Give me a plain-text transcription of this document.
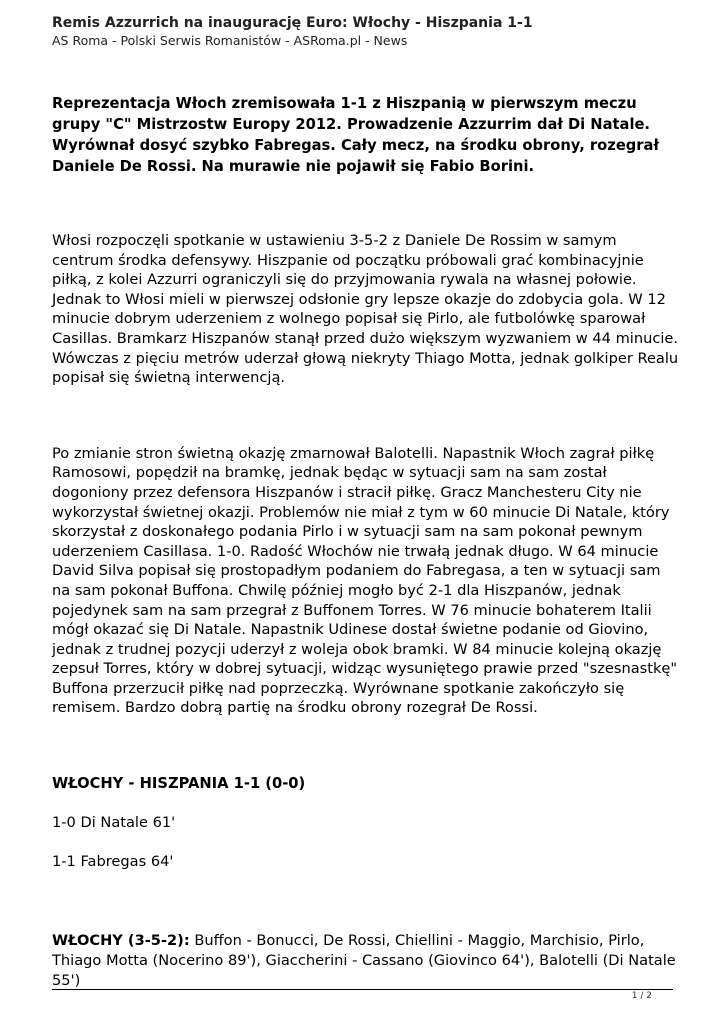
Remis Azzurrich na inaugurację Euro: Włochy - Hiszpania 1-1
AS Roma - Polski Serwis Romanistów - ASRoma.pl - News

Reprezentacja Włoch zremisowała 1-1 z Hiszpanią w pierwszym meczu grupy "C" Mistrzostw Europy 2012. Prowadzenie Azzurrim dał Di Natale. Wyrównał dosyć szybko Fabregas. Cały mecz, na środku obrony, rozegrał Daniele De Rossi. Na murawie nie pojawił się Fabio Borini.

Włosi rozpoczęli spotkanie w ustawieniu 3-5-2 z Daniele De Rossim w samym centrum środka defensywy. Hiszpanie od początku próbowali grać kombinacyjnie piłką, z kolei Azzurri ograniczyli się do przyjmowania rywala na własnej połowie. Jednak to Włosi mieli w pierwszej odsłonie gry lepsze okazje do zdobycia gola. W 12 minucie dobrym uderzeniem z wolnego popisał się Pirlo, ale futbolówkę sparował Casillas. Bramkarz Hiszpanów stanął przed dużo większym wyzwaniem w 44 minucie. Wówczas z pięciu metrów uderzał głową niekryty Thiago Motta, jednak golkiper Realu popisał się świetną interwencją.

Po zmianie stron świetną okazję zmarnował Balotelli. Napastnik Włoch zagrał piłkę Ramosowi, popędził na bramkę, jednak będąc w sytuacji sam na sam został dogoniony przez defensora Hiszpanów i stracił piłkę. Gracz Manchesteru City nie wykorzystał świetnej okazji. Problemów nie miał z tym w 60 minucie Di Natale, który skorzystał z doskonałego podania Pirlo i w sytuacji sam na sam pokonał pewnym uderzeniem Casillasa. 1-0. Radość Włochów nie trwałą jednak długo. W 64 minucie David Silva popisał się prostopadłym podaniem do Fabregasa, a ten w sytuacji sam na sam pokonał Buffona. Chwilę później mogło być 2-1 dla Hiszpanów, jednak pojedynek sam na sam przegrał z Buffonem Torres. W 76 minucie bohaterem Italii mógł okazać się Di Natale. Napastnik Udinese dostał świetne podanie od Giovino, jednak z trudnej pozycji uderzył z woleja obok bramki. W 84 minucie kolejną okazję zepsuł Torres, który w dobrej sytuacji, widząc wysuniętego prawie przed "szesnastkę" Buffona przerzucił piłkę nad poprzeczką. Wyrównane spotkanie zakończyło się remisem. Bardzo dobrą partię na środku obrony rozegrał De Rossi.

WŁOCHY - HISZPANIA 1-1 (0-0)

1-0 Di Natale 61'

1-1 Fabregas 64'

WŁOCHY (3-5-2): Buffon - Bonucci, De Rossi, Chiellini - Maggio, Marchisio, Pirlo, Thiago Motta (Nocerino 89'), Giaccherini - Cassano (Giovinco 64'), Balotelli (Di Natale 55')

1 / 2
